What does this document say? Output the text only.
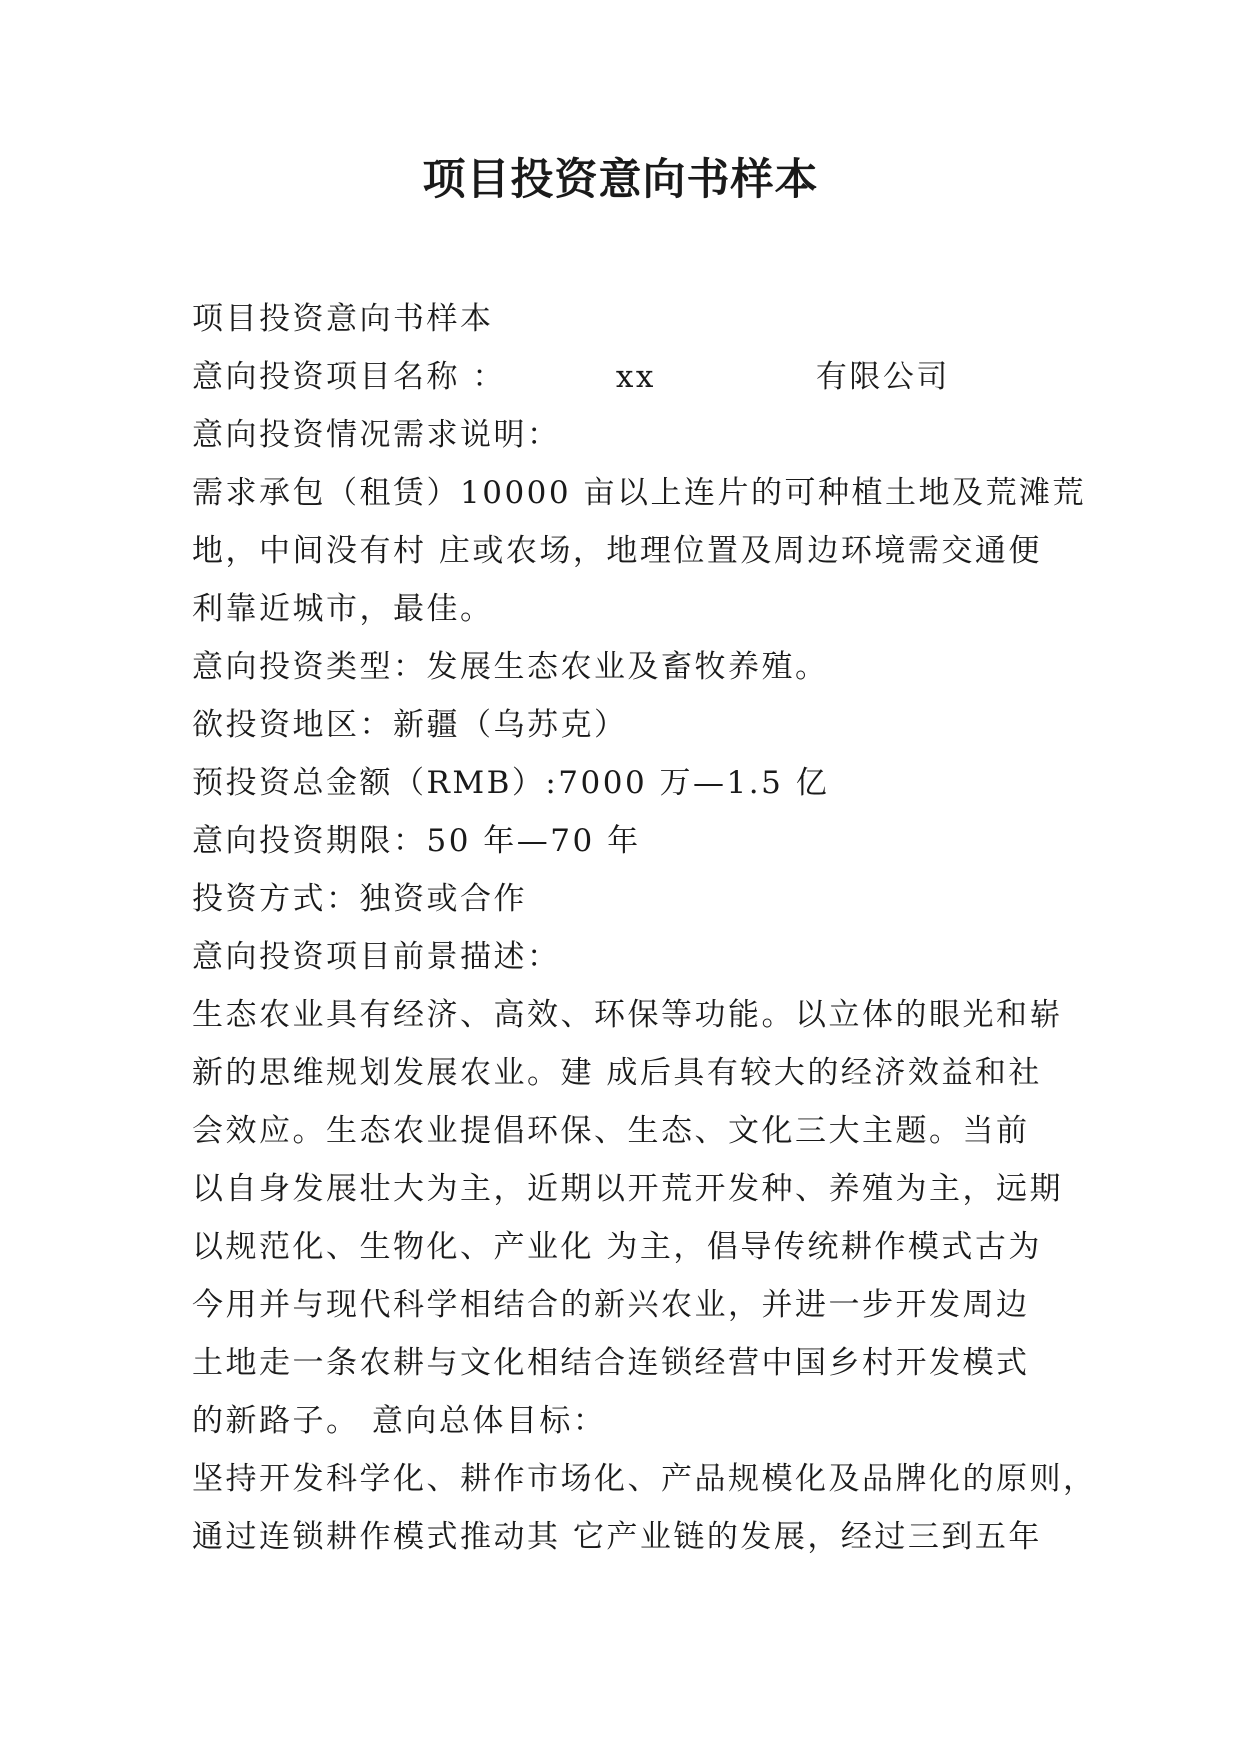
项目投资意向书样本
项目投资意向书样本
意向投资项目名称 ：	xx	有限公司
意向投资情况需求说明：
需求承包（租赁）10000 亩以上连片的可种植土地及荒滩荒
地，中间没有村 庄或农场，地理位置及周边环境需交通便
利靠近城市，最佳。
意向投资类型：发展生态农业及畜牧养殖。
欲投资地区：新疆（乌苏克）
预投资总金额（RMB）:7000 万—1.5 亿
意向投资期限：50 年—70 年
投资方式：独资或合作
意向投资项目前景描述：
生态农业具有经济、高效、环保等功能。以立体的眼光和崭
新的思维规划发展农业。建 成后具有较大的经济效益和社
会效应。生态农业提倡环保、生态、文化三大主题。当前
以自身发展壮大为主，近期以开荒开发种、养殖为主，远期
以规范化、生物化、产业化 为主，倡导传统耕作模式古为
今用并与现代科学相结合的新兴农业，并进一步开发周边
土地走一条农耕与文化相结合连锁经营中国乡村开发模式
的新路子。 意向总体目标：
坚持开发科学化、耕作市场化、产品规模化及品牌化的原则，
通过连锁耕作模式推动其 它产业链的发展，经过三到五年
